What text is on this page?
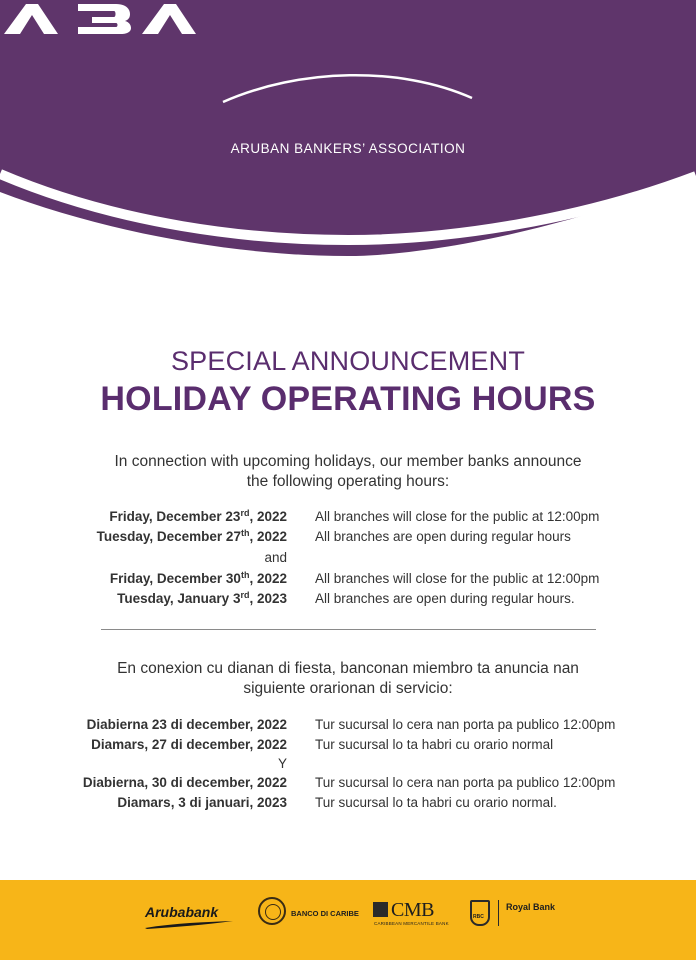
ARUBAN BANKERS’ ASSOCIATION
SPECIAL ANNOUNCEMENT
HOLIDAY OPERATING HOURS
In connection with upcoming holidays, our member banks announce
the following operating hours:
Friday, December 23rd, 2022 All branches will close for the public at 12:00pm
Tuesday, December 27th, 2022 All branches are open during regular hours
and
Friday, December 30th, 2022 All branches will close for the public at 12:00pm
Tuesday, January 3rd, 2023 All branches are open during regular hours.
En conexion cu dianan di fiesta, banconan miembro ta anuncia nan
siguiente orarionan di servicio:
Diabierna 23 di december, 2022 Tur sucursal lo cera nan porta pa publico 12:00pm
Diamars, 27 di december, 2022 Tur sucursal lo ta habri cu orario normal
Y
Diabierna, 30 di december, 2022 Tur sucursal lo cera nan porta pa publico 12:00pm
Diamars, 3 di januari, 2023 Tur sucursal lo ta habri cu orario normal.
Arubabank	BANCO DI CARIBE CMB
CARIBBEAN MERCANTILE BANK
RBC
Royal Bank
